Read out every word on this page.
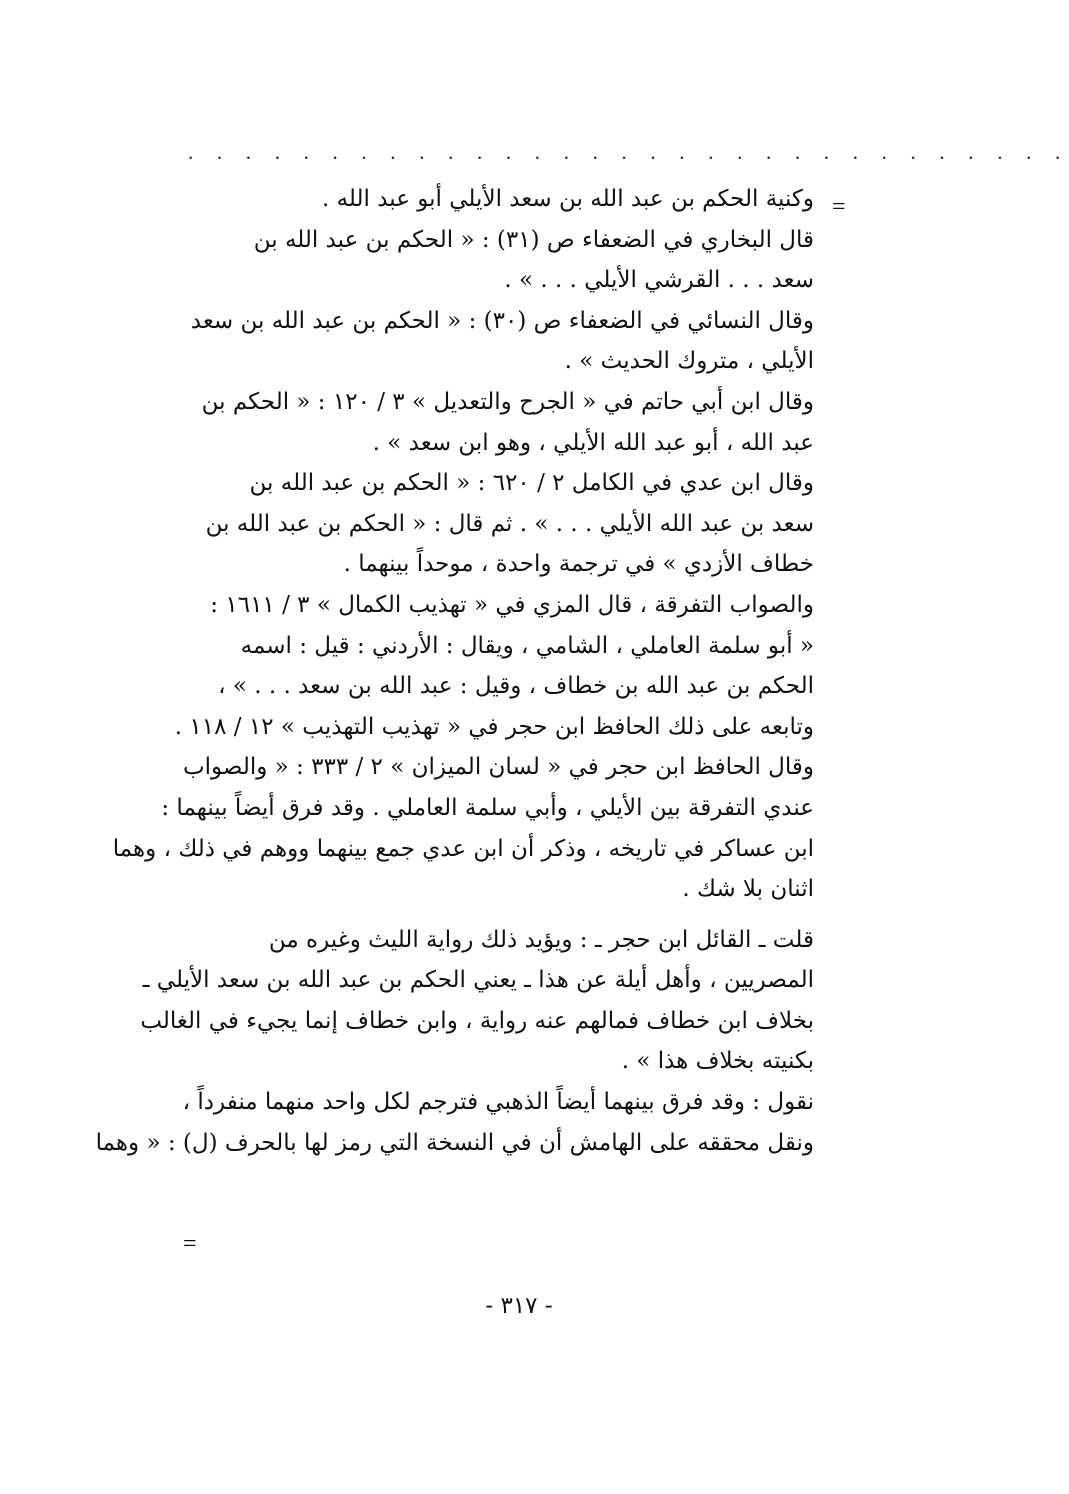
. . . . . . . . . . . . . . . . . . . . . . . . . . . . . . .
=

وكنية الحكم بن عبد الله بن سعد الأيلي أبو عبد الله .

قال البخاري في الضعفاء ص (٣١) : « الحكم بن عبد الله بن
سعد . . . القرشي الأيلي . . . » .

وقال النسائي في الضعفاء ص (٣٠) : « الحكم بن عبد الله بن سعد
الأيلي ، متروك الحديث » .

وقال ابن أبي حاتم في « الجرح والتعديل » ٣ / ١٢٠ : « الحكم بن
عبد الله ، أبو عبد الله الأيلي ، وهو ابن سعد » .

وقال ابن عدي في الكامل ٢ / ٦٢٠ : « الحكم بن عبد الله بن
سعد بن عبد الله الأيلي . . . » . ثم قال : « الحكم بن عبد الله بن
خطاف الأزدي » في ترجمة واحدة ، موحداً بينهما .

والصواب التفرقة ، قال المزي في « تهذيب الكمال » ٣ / ١٦١١ :
« أبو سلمة العاملي ، الشامي ، ويقال : الأردني : قيل : اسمه
الحكم بن عبد الله بن خطاف ، وقيل : عبد الله بن سعد . . . » ،
وتابعه على ذلك الحافظ ابن حجر في « تهذيب التهذيب » ١٢ / ١١٨ .

وقال الحافظ ابن حجر في « لسان الميزان » ٢ / ٣٣٣ : « والصواب
عندي التفرقة بين الأيلي ، وأبي سلمة العاملي . وقد فرق أيضاً بينهما :
ابن عساكر في تاريخه ، وذكر أن ابن عدي جمع بينهما ووهم في ذلك ، وهما
اثنان بلا شك .

قلت ـ القائل ابن حجر ـ : ويؤيد ذلك رواية الليث وغيره من
المصريين ، وأهل أيلة عن هذا ـ يعني الحكم بن عبد الله بن سعد الأيلي ـ
بخلاف ابن خطاف فمالهم عنه رواية ، وابن خطاف إنما يجيء في الغالب
بكنيته بخلاف هذا » .

نقول : وقد فرق بينهما أيضاً الذهبي فترجم لكل واحد منهما منفرداً ،
ونقل محققه على الهامش أن في النسخة التي رمز لها بالحرف (ل) : « وهما

=
- ٣١٧ -
